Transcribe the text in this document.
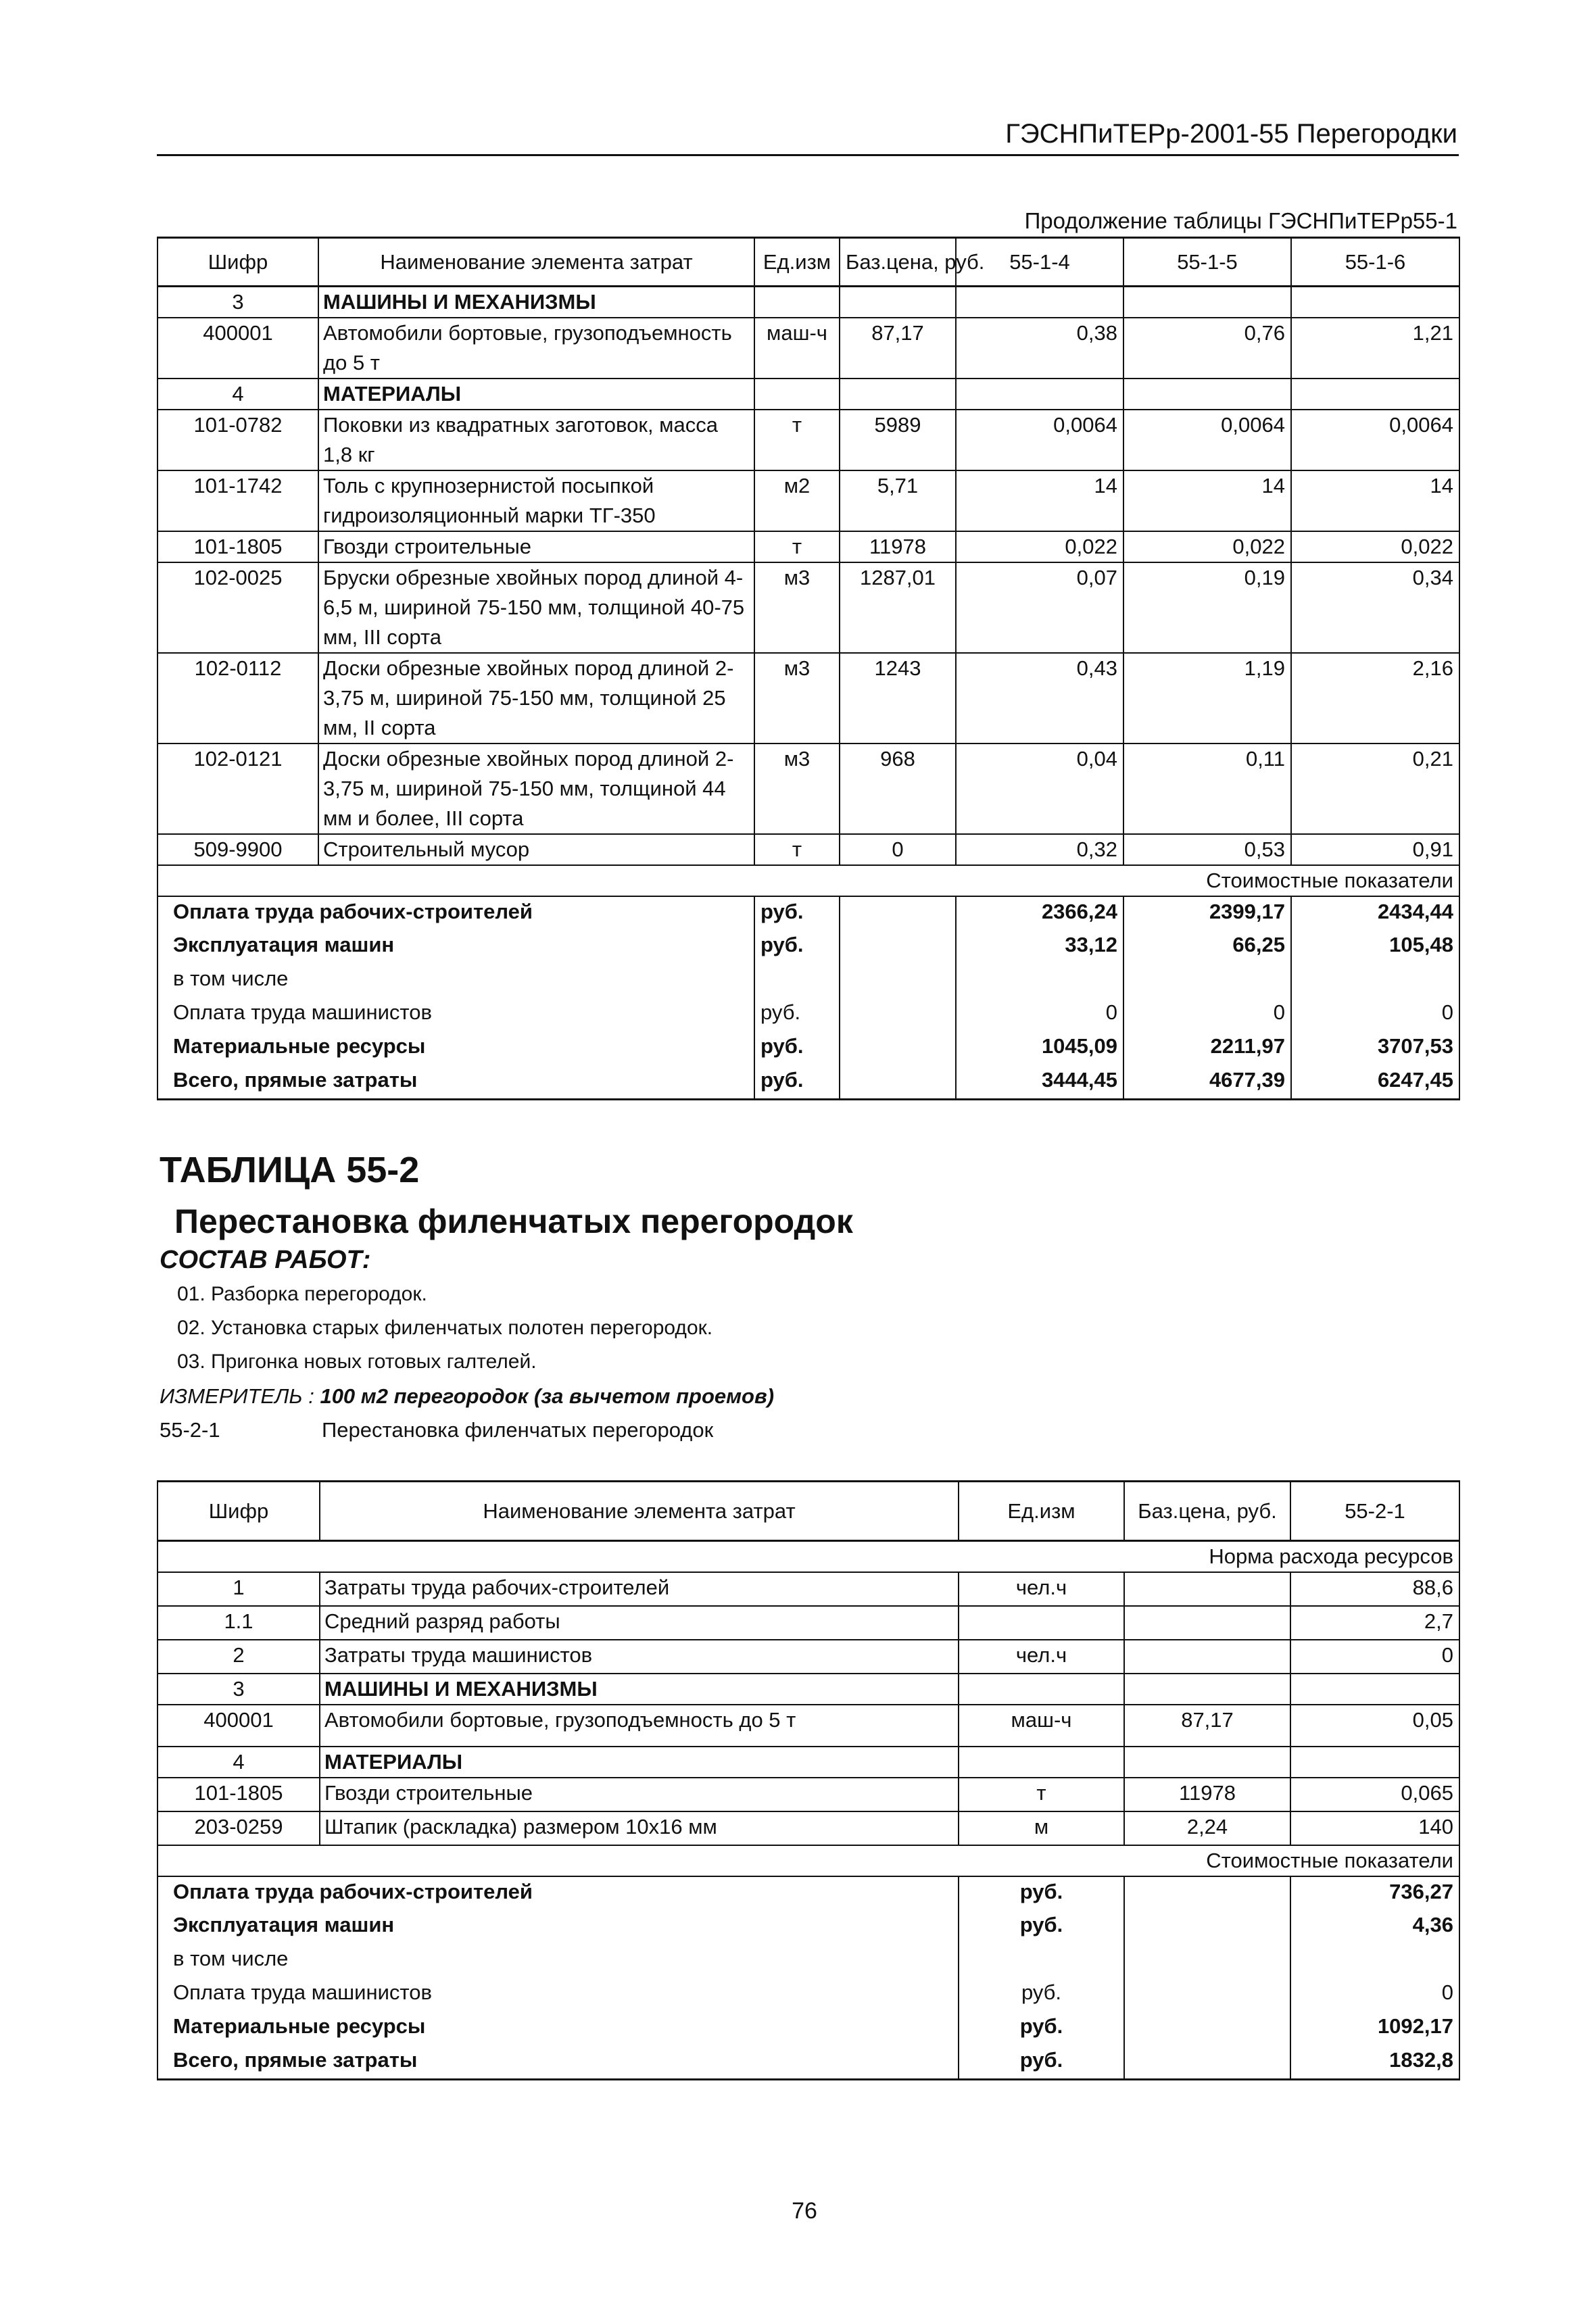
ГЭСНПиТЕРр-2001-55 Перегородки
Продолжение таблицы ГЭСНПиТЕРр55-1
Шифр	Наименование элемента затрат	Ед.изм	Баз.цена, руб.	55-1-4	55-1-5	55-1-6
3	МАШИНЫ И МЕХАНИЗМЫ					
400001	Автомобили бортовые, грузоподъемность до 5 т	маш-ч	87,17	0,38	0,76	1,21
4	МАТЕРИАЛЫ					
101-0782	Поковки из квадратных заготовок, масса 1,8 кг	т	5989	0,0064	0,0064	0,0064
101-1742	Толь с крупнозернистой посыпкой гидроизоляционный марки ТГ-350	м2	5,71	14	14	14
101-1805	Гвозди строительные	т	11978	0,022	0,022	0,022
102-0025	Бруски обрезные хвойных пород длиной 4-6,5 м, шириной 75-150 мм, толщиной 40-75 мм, III сорта	м3	1287,01	0,07	0,19	0,34
102-0112	Доски обрезные хвойных пород длиной 2-3,75 м, шириной 75-150 мм, толщиной 25 мм, II сорта	м3	1243	0,43	1,19	2,16
102-0121	Доски обрезные хвойных пород длиной 2-3,75 м, шириной 75-150 мм, толщиной 44 мм и более, III сорта	м3	968	0,04	0,11	0,21
509-9900	Строительный мусор	т	0	0,32	0,53	0,91
Стоимостные показатели						
Оплата труда рабочих-строителей		руб.		2366,24	2399,17	2434,44
Эксплуатация машин		руб.		33,12	66,25	105,48
в том числе						
Оплата труда машинистов		руб.		0	0	0
Материальные ресурсы		руб.		1045,09	2211,97	3707,53
Всего, прямые затраты		руб.		3444,45	4677,39	6247,45
ТАБЛИЦА 55-2
Перестановка филенчатых перегородок
СОСТАВ РАБОТ:
01. Разборка перегородок.
02. Установка старых филенчатых полотен перегородок.
03. Пригонка новых готовых галтелей.
ИЗМЕРИТЕЛЬ : 100 м2 перегородок (за вычетом проемов)
55-2-1	Перестановка филенчатых перегородок
Шифр	Наименование элемента затрат	Ед.изм	Баз.цена, руб.	55-2-1
Норма расхода ресурсов				
1	Затраты труда рабочих-строителей	чел.ч		88,6
1.1	Средний разряд работы			2,7
2	Затраты труда машинистов	чел.ч		0
3	МАШИНЫ И МЕХАНИЗМЫ			
400001	Автомобили бортовые, грузоподъемность до 5 т	маш-ч	87,17	0,05
4	МАТЕРИАЛЫ			
101-1805	Гвозди строительные	т	11978	0,065
203-0259	Штапик (раскладка) размером 10х16 мм	м	2,24	140
Стоимостные показатели				
Оплата труда рабочих-строителей		руб.		736,27
Эксплуатация машин		руб.		4,36
в том числе				
Оплата труда машинистов		руб.		0
Материальные ресурсы		руб.		1092,17
Всего, прямые затраты		руб.		1832,8
76
